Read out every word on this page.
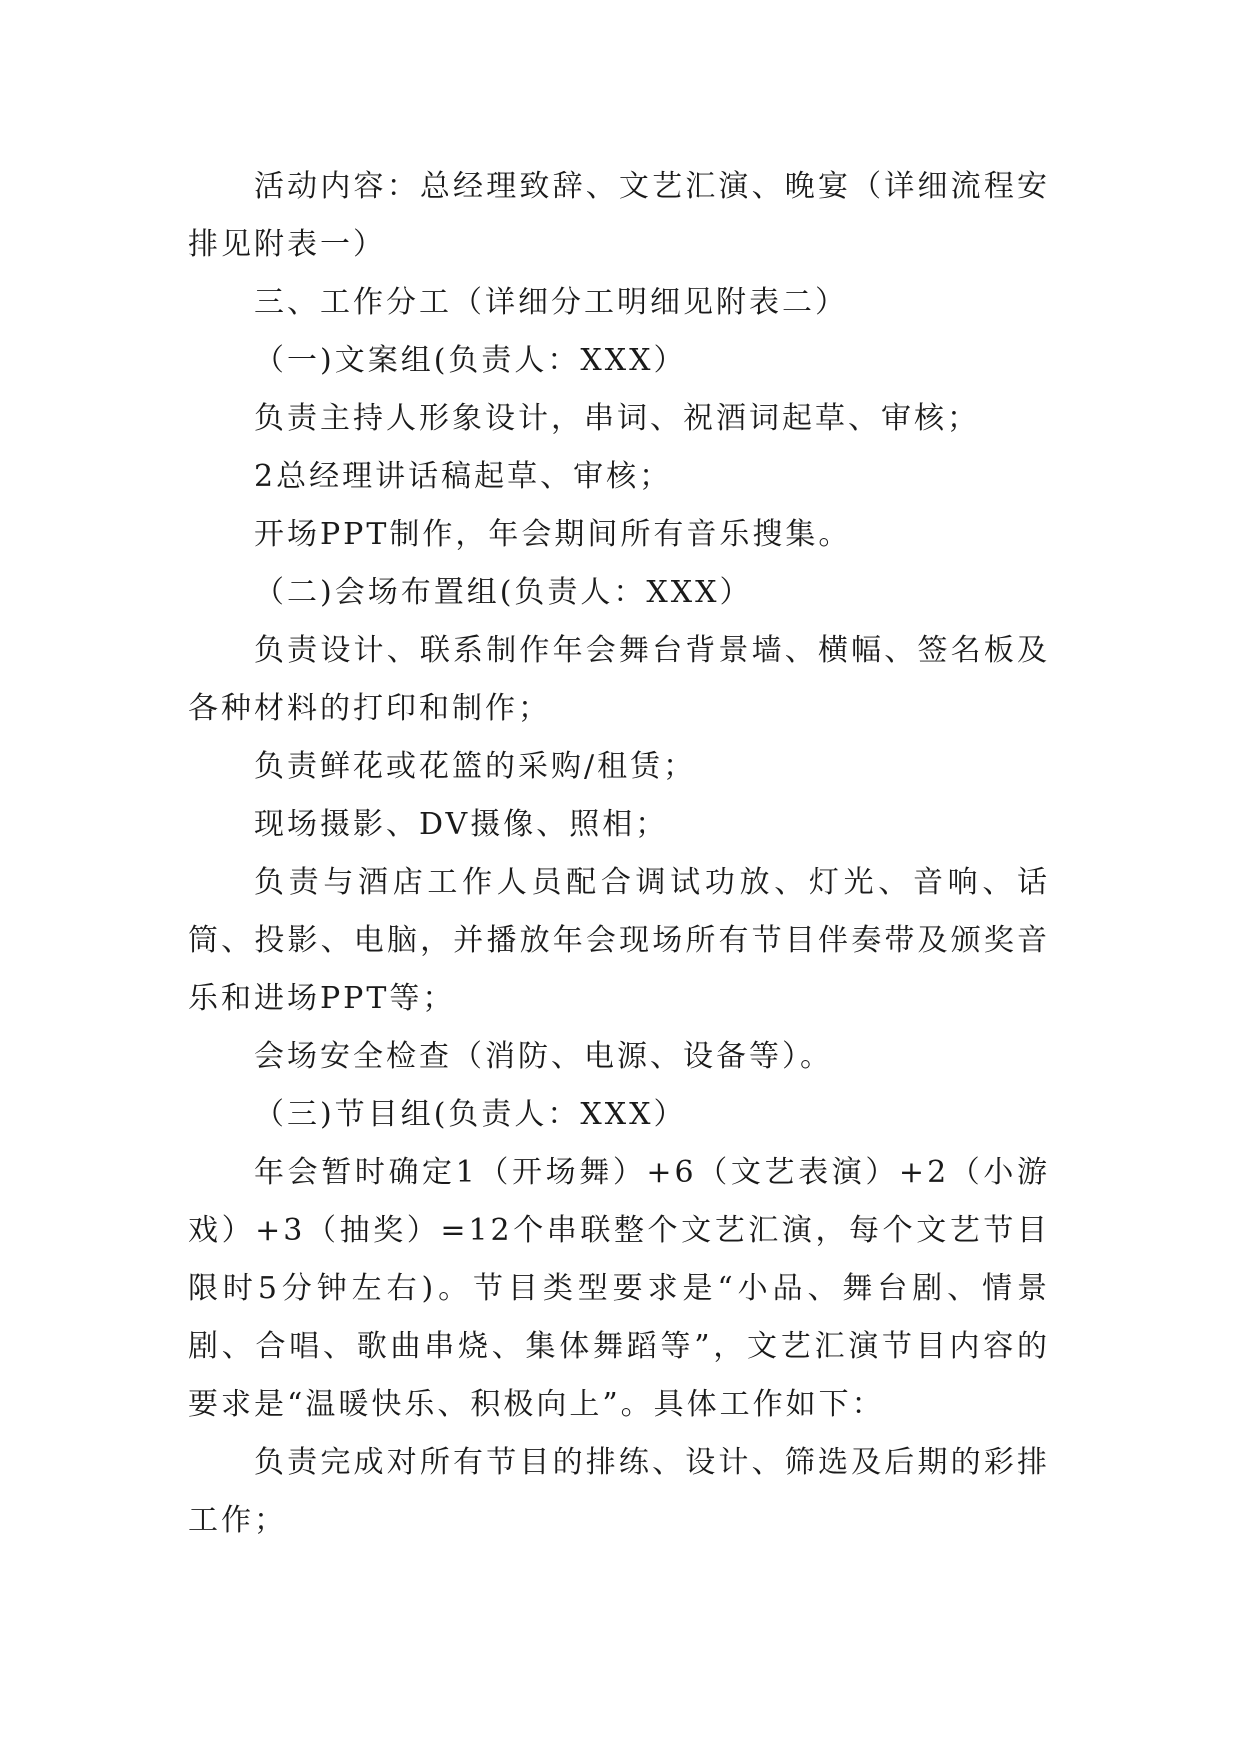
活动内容：总经理致辞、文艺汇演、晚宴（详细流程安排见附表一）

三、工作分工（详细分工明细见附表二）

（一)文案组(负责人：XXX）

负责主持人形象设计，串词、祝酒词起草、审核；

2总经理讲话稿起草、审核；

开场PPT制作，年会期间所有音乐搜集。

（二)会场布置组(负责人：XXX）

负责设计、联系制作年会舞台背景墙、横幅、签名板及各种材料的打印和制作；

负责鲜花或花篮的采购/租赁；

现场摄影、DV摄像、照相；

负责与酒店工作人员配合调试功放、灯光、音响、话筒、投影、电脑，并播放年会现场所有节目伴奏带及颁奖音乐和进场PPT等；

会场安全检查（消防、电源、设备等）。

（三)节目组(负责人：XXX）

年会暂时确定1（开场舞）+6（文艺表演）+2（小游戏）+3（抽奖）=12个串联整个文艺汇演，每个文艺节目限时5分钟左右)。节目类型要求是“小品、舞台剧、情景剧、合唱、歌曲串烧、集体舞蹈等”，文艺汇演节目内容的要求是“温暖快乐、积极向上”。具体工作如下：

负责完成对所有节目的排练、设计、筛选及后期的彩排工作；
